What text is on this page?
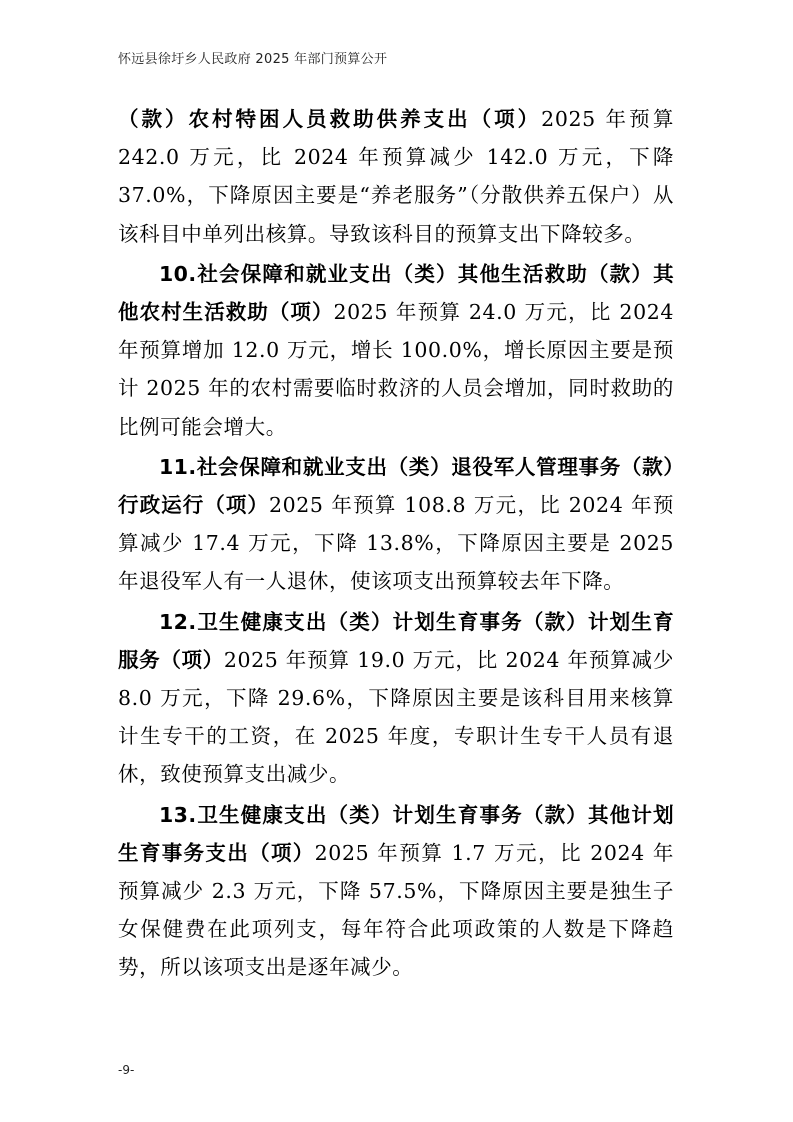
怀远县徐圩乡人民政府 2025 年部门预算公开

（款）农村特困人员救助供养支出（项）2025 年预算 242.0 万元，比 2024 年预算减少 142.0 万元，下降 37.0%，下降原因主要是“养老服务”（分散供养五保户）从该科目中单列出核算。导致该科目的预算支出下降较多。

10.社会保障和就业支出（类）其他生活救助（款）其他农村生活救助（项）2025 年预算 24.0 万元，比 2024 年预算增加 12.0 万元，增长 100.0%，增长原因主要是预计 2025 年的农村需要临时救济的人员会增加，同时救助的比例可能会增大。

11.社会保障和就业支出（类）退役军人管理事务（款）行政运行（项）2025 年预算 108.8 万元，比 2024 年预算减少 17.4 万元，下降 13.8%，下降原因主要是 2025 年退役军人有一人退休，使该项支出预算较去年下降。

12.卫生健康支出（类）计划生育事务（款）计划生育服务（项）2025 年预算 19.0 万元，比 2024 年预算减少 8.0 万元，下降 29.6%，下降原因主要是该科目用来核算计生专干的工资，在 2025 年度，专职计生专干人员有退休，致使预算支出减少。

13.卫生健康支出（类）计划生育事务（款）其他计划生育事务支出（项）2025 年预算 1.7 万元，比 2024 年预算减少 2.3 万元，下降 57.5%，下降原因主要是独生子女保健费在此项列支，每年符合此项政策的人数是下降趋势，所以该项支出是逐年减少。

-9-
